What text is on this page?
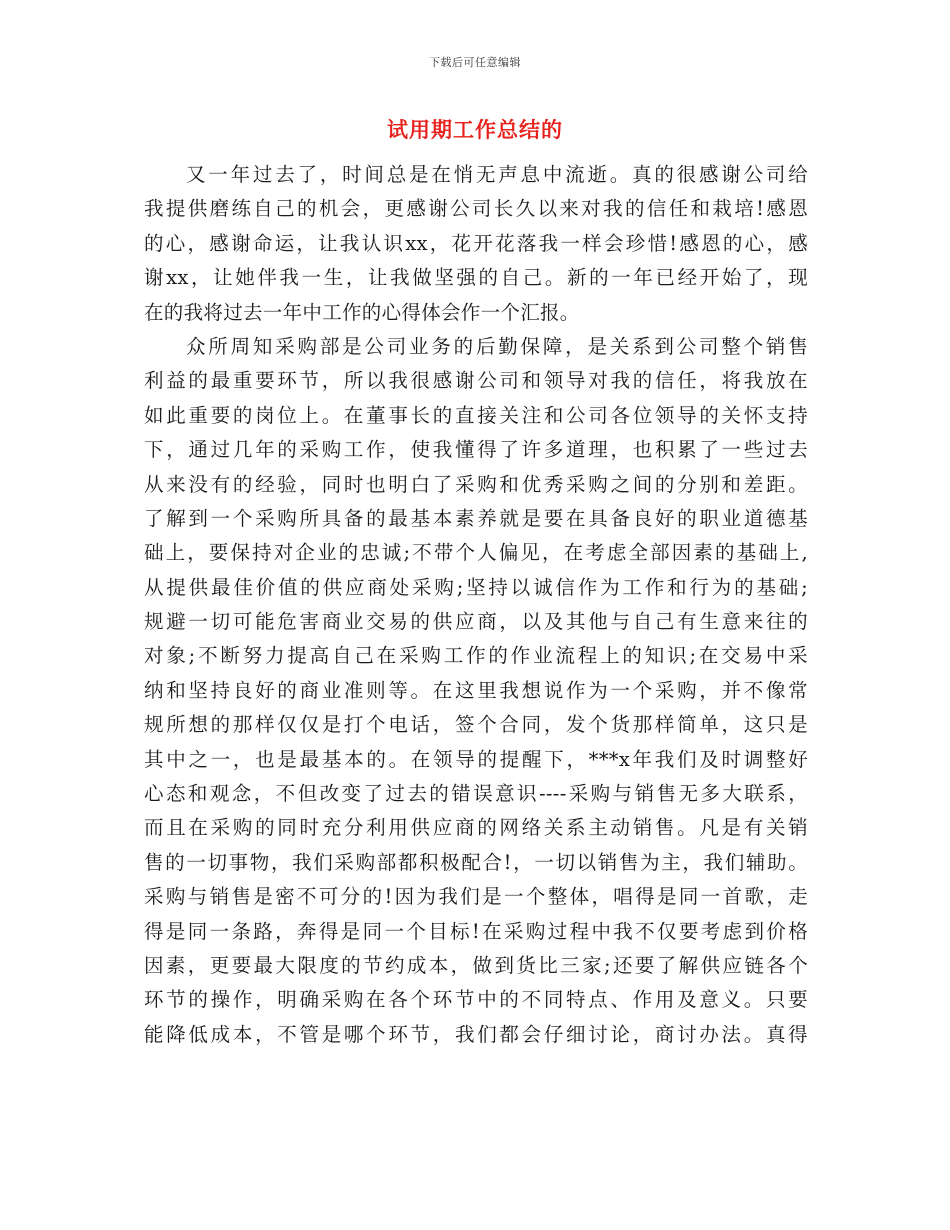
下载后可任意编辑
试用期工作总结的
又一年过去了，时间总是在悄无声息中流逝。真的很感谢公司给
我提供磨练自己的机会，更感谢公司长久以来对我的信任和栽培!感恩
的心，感谢命运，让我认识xx，花开花落我一样会珍惜!感恩的心，感
谢xx，让她伴我一生，让我做坚强的自己。新的一年已经开始了，现
在的我将过去一年中工作的心得体会作一个汇报。
众所周知采购部是公司业务的后勤保障，是关系到公司整个销售
利益的最重要环节，所以我很感谢公司和领导对我的信任，将我放在
如此重要的岗位上。在董事长的直接关注和公司各位领导的关怀支持
下，通过几年的采购工作，使我懂得了许多道理，也积累了一些过去
从来没有的经验，同时也明白了采购和优秀采购之间的分别和差距。
了解到一个采购所具备的最基本素养就是要在具备良好的职业道德基
础上，要保持对企业的忠诚;不带个人偏见，在考虑全部因素的基础上,
从提供最佳价值的供应商处采购;坚持以诚信作为工作和行为的基础;
规避一切可能危害商业交易的供应商，以及其他与自己有生意来往的
对象;不断努力提高自己在采购工作的作业流程上的知识;在交易中采
纳和坚持良好的商业准则等。在这里我想说作为一个采购，并不像常
规所想的那样仅仅是打个电话，签个合同，发个货那样简单，这只是
其中之一，也是最基本的。在领导的提醒下，***x年我们及时调整好
心态和观念，不但改变了过去的错误意识----采购与销售无多大联系，
而且在采购的同时充分利用供应商的网络关系主动销售。凡是有关销
售的一切事物，我们采购部都积极配合!，一切以销售为主，我们辅助。
采购与销售是密不可分的!因为我们是一个整体，唱得是同一首歌，走
得是同一条路，奔得是同一个目标!在采购过程中我不仅要考虑到价格
因素，更要最大限度的节约成本，做到货比三家;还要了解供应链各个
环节的操作，明确采购在各个环节中的不同特点、作用及意义。只要
能降低成本，不管是哪个环节，我们都会仔细讨论，商讨办法。真得
